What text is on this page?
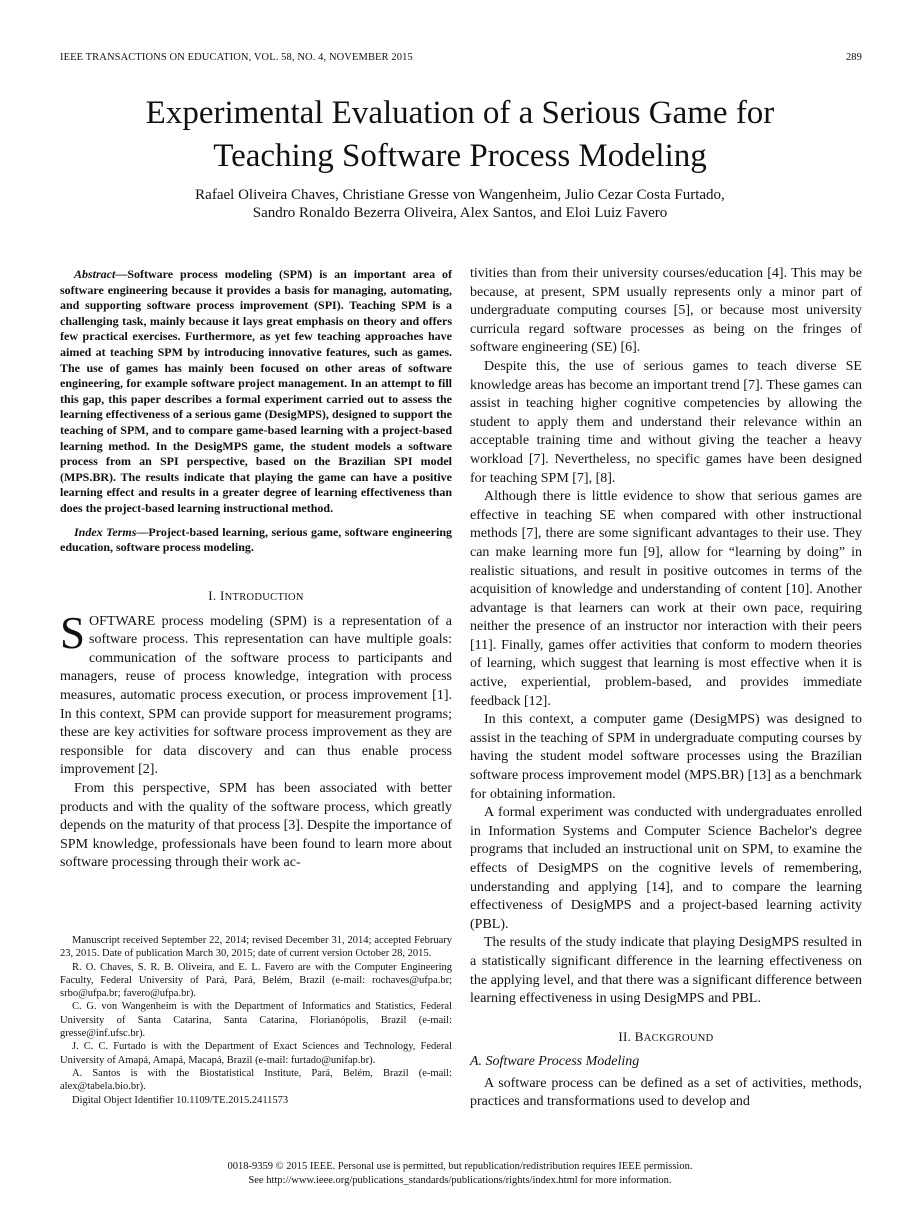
IEEE TRANSACTIONS ON EDUCATION, VOL. 58, NO. 4, NOVEMBER 2015	289
Experimental Evaluation of a Serious Game for
Teaching Software Process Modeling
Rafael Oliveira Chaves, Christiane Gresse von Wangenheim, Julio Cezar Costa Furtado,
Sandro Ronaldo Bezerra Oliveira, Alex Santos, and Eloi Luiz Favero

Abstract—Software process modeling (SPM) is an important area of software engineering because it provides a basis for managing, automating, and supporting software process improvement (SPI). Teaching SPM is a challenging task, mainly because it lays great emphasis on theory and offers few practical exercises. Furthermore, as yet few teaching approaches have aimed at teaching SPM by introducing innovative features, such as games. The use of games has mainly been focused on other areas of software engineering, for example software project management. In an attempt to fill this gap, this paper describes a formal experiment carried out to assess the learning effectiveness of a serious game (DesigMPS), designed to support the teaching of SPM, and to compare game-based learning with a project-based learning method. In the DesigMPS game, the student models a software process from an SPI perspective, based on the Brazilian SPI model (MPS.BR). The results indicate that playing the game can have a positive learning effect and results in a greater degree of learning effectiveness than does the project-based learning instructional method.

Index Terms—Project-based learning, serious game, software engineering education, software process modeling.

I. INTRODUCTION

SOFTWARE process modeling (SPM) is a representation of a software process. This representation can have multiple goals: communication of the software process to participants and managers, reuse of process knowledge, integration with process measures, automatic process execution, or process improvement [1]. In this context, SPM can provide support for measurement programs; these are key activities for software process improvement as they are responsible for data discovery and can thus enable process improvement [2].

From this perspective, SPM has been associated with better products and with the quality of the software process, which greatly depends on the maturity of that process [3]. Despite the importance of SPM knowledge, professionals have been found to learn more about software processing through their work ac-

Manuscript received September 22, 2014; revised December 31, 2014; accepted February 23, 2015. Date of publication March 30, 2015; date of current version October 28, 2015.

R. O. Chaves, S. R. B. Oliveira, and E. L. Favero are with the Computer Engineering Faculty, Federal University of Pará, Pará, Belém, Brazil (e-mail: rochaves@ufpa.br; srbo@ufpa.br; favero@ufpa.br).

C. G. von Wangenheim is with the Department of Informatics and Statistics, Federal University of Santa Catarina, Santa Catarina, Florianópolis, Brazil (e-mail: gresse@inf.ufsc.br).

J. C. C. Furtado is with the Department of Exact Sciences and Technology, Federal University of Amapá, Amapá, Macapá, Brazil (e-mail: furtado@unifap.br).

A. Santos is with the Biostatistical Institute, Pará, Belém, Brazil (e-mail: alex@tabela.bio.br).

Digital Object Identifier 10.1109/TE.2015.2411573

tivities than from their university courses/education [4]. This may be because, at present, SPM usually represents only a minor part of undergraduate computing courses [5], or because most university curricula regard software processes as being on the fringes of software engineering (SE) [6].

Despite this, the use of serious games to teach diverse SE knowledge areas has become an important trend [7]. These games can assist in teaching higher cognitive competencies by allowing the student to apply them and understand their relevance within an acceptable training time and without giving the teacher a heavy workload [7]. Nevertheless, no specific games have been designed for teaching SPM [7], [8].

Although there is little evidence to show that serious games are effective in teaching SE when compared with other instructional methods [7], there are some significant advantages to their use. They can make learning more fun [9], allow for “learning by doing” in realistic situations, and result in positive outcomes in terms of the acquisition of knowledge and understanding of content [10]. Another advantage is that learners can work at their own pace, requiring neither the presence of an instructor nor interaction with their peers [11]. Finally, games offer activities that conform to modern theories of learning, which suggest that learning is most effective when it is active, experiential, problem-based, and provides immediate feedback [12].

In this context, a computer game (DesigMPS) was designed to assist in the teaching of SPM in undergraduate computing courses by having the student model software processes using the Brazilian software process improvement model (MPS.BR) [13] as a benchmark for obtaining information.

A formal experiment was conducted with undergraduates enrolled in Information Systems and Computer Science Bachelor's degree programs that included an instructional unit on SPM, to examine the effects of DesigMPS on the cognitive levels of remembering, understanding and applying [14], and to compare the learning effectiveness of DesigMPS and a project-based learning activity (PBL).

The results of the study indicate that playing DesigMPS resulted in a statistically significant difference in the learning effectiveness on the applying level, and that there was a significant difference between learning effectiveness in using DesigMPS and PBL.

II. BACKGROUND
A. Software Process Modeling

A software process can be defined as a set of activities, methods, practices and transformations used to develop and

0018-9359 © 2015 IEEE. Personal use is permitted, but republication/redistribution requires IEEE permission.
See http://www.ieee.org/publications_standards/publications/rights/index.html for more information.
